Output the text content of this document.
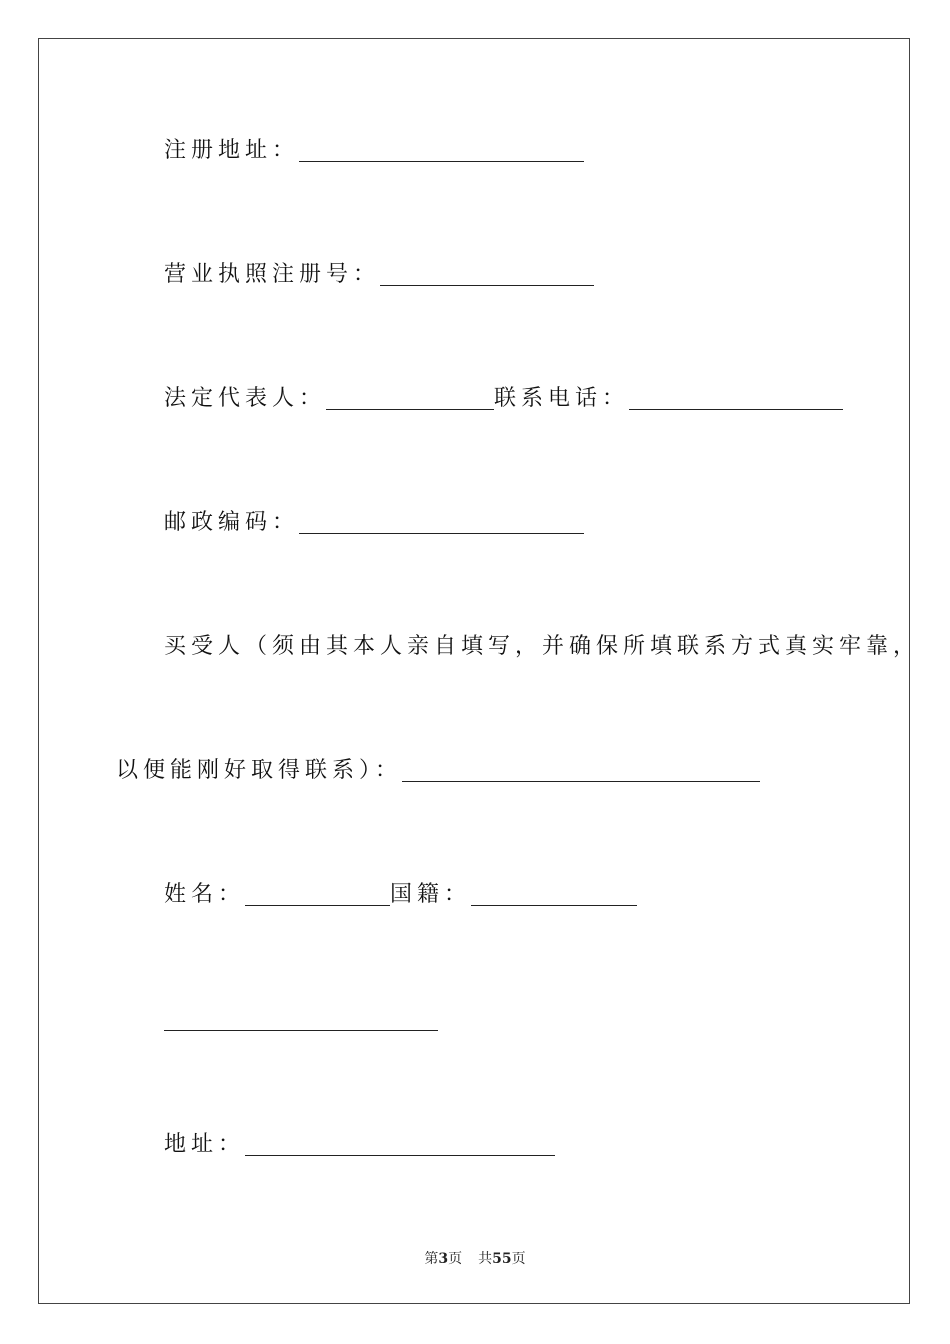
注册地址：
营业执照注册号：
法定代表人：	联系电话：
邮政编码：
买受人（须由其本人亲自填写，并确保所填联系方式真实牢靠，
以便能刚好取得联系）：
姓名：	国籍：
地址：
第3页 共55页
